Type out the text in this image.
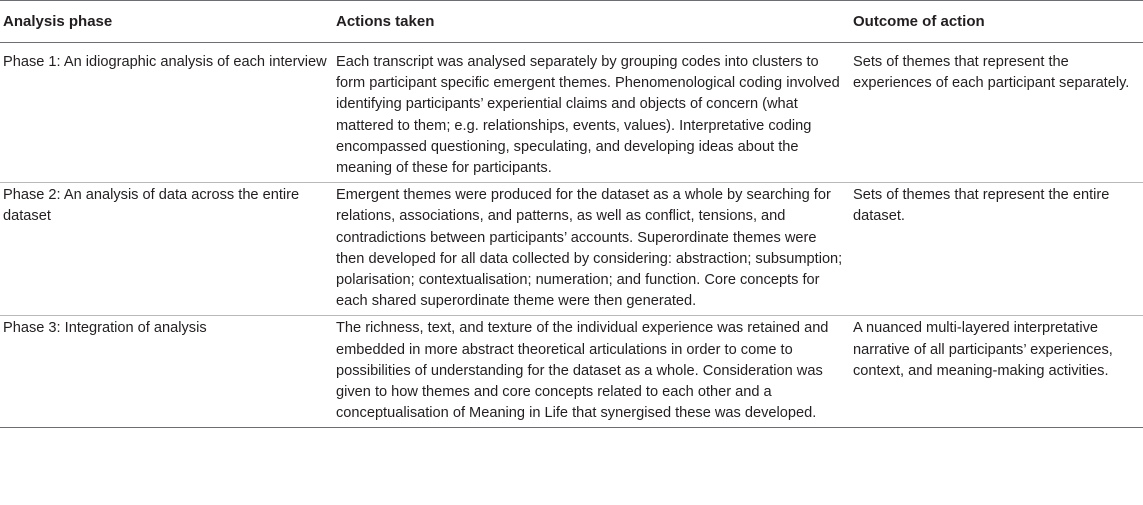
Analysis phase	Actions taken	Outcome of action

Phase 1: An idiographic analysis of each interview	Each transcript was analysed separately by grouping codes into clusters to form participant specific emergent themes. Phenomenological coding involved identifying participants’ experiential claims and objects of concern (what mattered to them; e.g. relationships, events, values). Interpretative coding encompassed questioning, speculating, and developing ideas about the meaning of these for participants.	Sets of themes that represent the experiences of each participant separately.

Phase 2: An analysis of data across the entire dataset	Emergent themes were produced for the dataset as a whole by searching for relations, associations, and patterns, as well as conflict, tensions, and contradictions between participants’ accounts. Superordinate themes were then developed for all data collected by considering: abstraction; subsumption; polarisation; contextualisation; numeration; and function. Core concepts for each shared superordinate theme were then generated.	Sets of themes that represent the entire dataset.

Phase 3: Integration of analysis	The richness, text, and texture of the individual experience was retained and embedded in more abstract theoretical articulations in order to come to possibilities of understanding for the dataset as a whole. Consideration was given to how themes and core concepts related to each other and a conceptualisation of Meaning in Life that synergised these was developed.	A nuanced multi-layered interpretative narrative of all participants’ experiences, context, and meaning-making activities.
